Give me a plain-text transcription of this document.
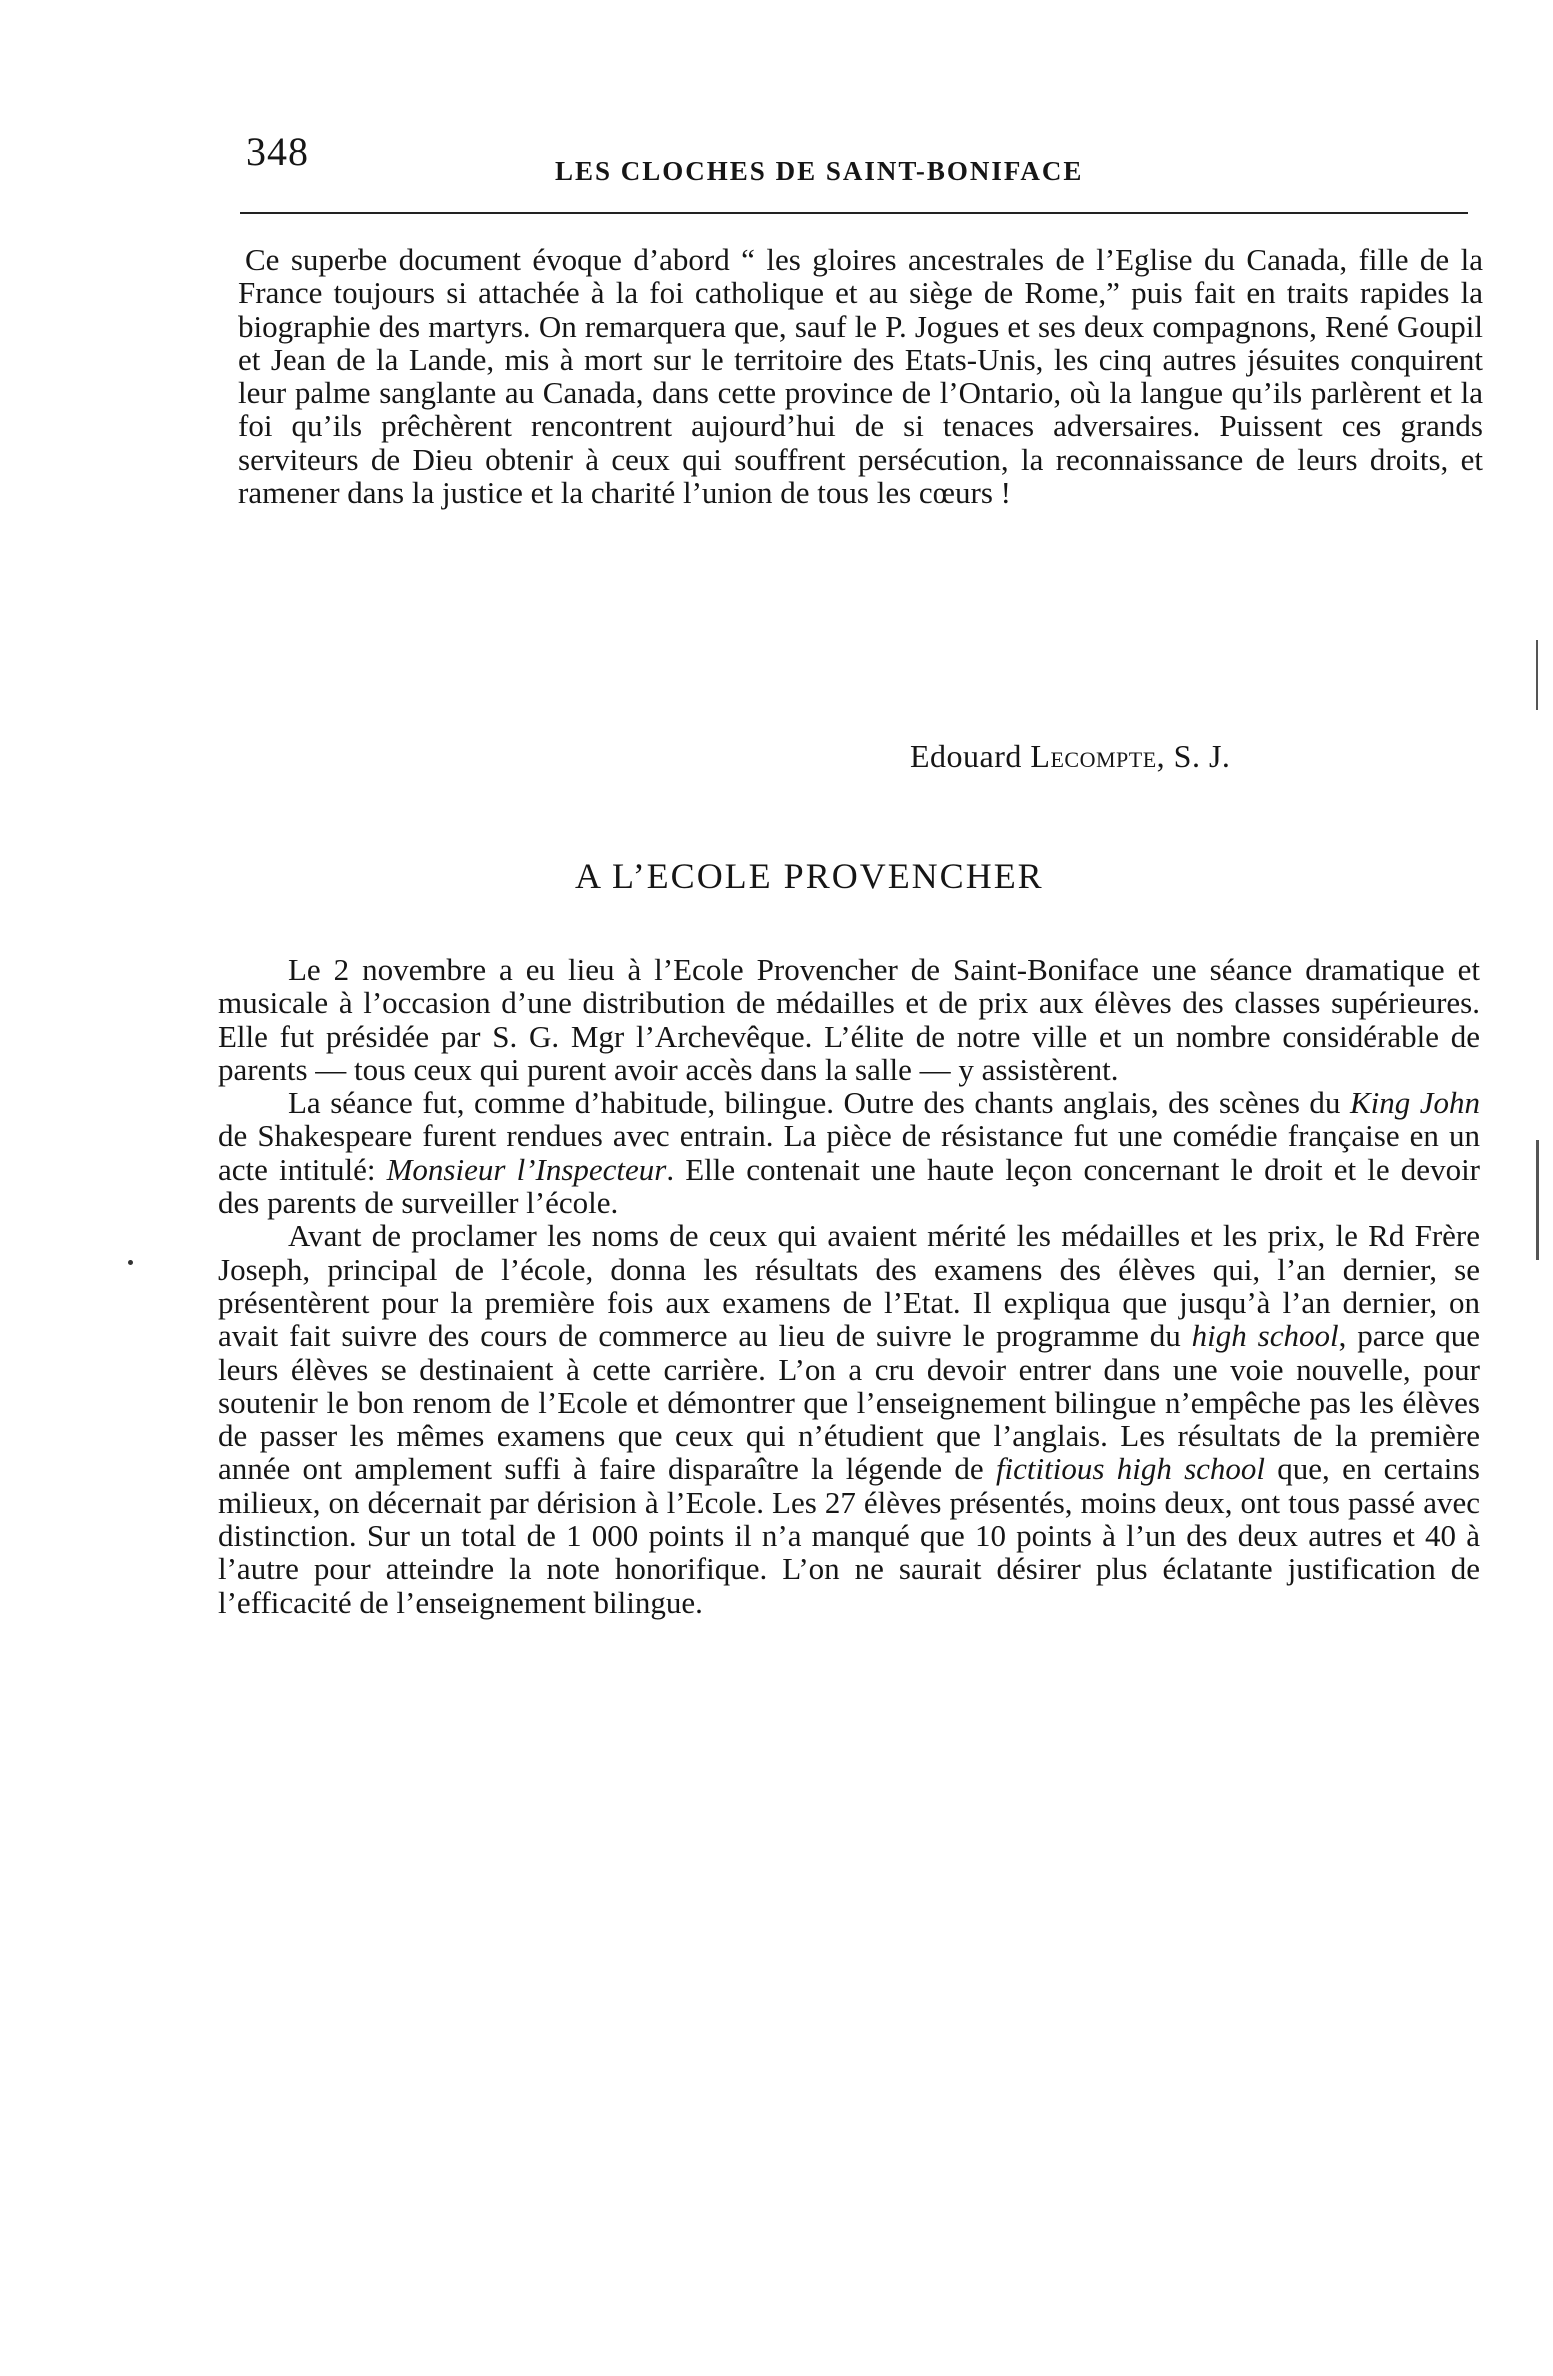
348	LES CLOCHES DE SAINT-BONIFACE

Ce superbe document évoque d’abord “ les gloires ancestrales de l’Eglise du Canada, fille de la France toujours si attachée à la foi catholique et au siège de Rome,” puis fait en traits rapides la biographie des martyrs. On remarquera que, sauf le P. Jogues et ses deux compagnons, René Goupil et Jean de la Lande, mis à mort sur le territoire des Etats-Unis, les cinq autres jésuites conquirent leur palme sanglante au Canada, dans cette province de l’Ontario, où la langue qu’ils parlèrent et la foi qu’ils prêchèrent rencontrent aujourd’hui de si tenaces adversaires. Puissent ces grands serviteurs de Dieu obtenir à ceux qui souffrent persécution, la reconnaissance de leurs droits, et ramener dans la justice et la charité l’union de tous les cœurs !

Edouard Lecompte, S. J.
A L’ECOLE PROVENCHER

Le 2 novembre a eu lieu à l’Ecole Provencher de Saint-Boniface une séance dramatique et musicale à l’occasion d’une distribution de médailles et de prix aux élèves des classes supérieures. Elle fut présidée par S. G. Mgr l’Archevêque. L’élite de notre ville et un nombre considérable de parents — tous ceux qui purent avoir accès dans la salle — y assistèrent.

La séance fut, comme d’habitude, bilingue. Outre des chants anglais, des scènes du King John de Shakespeare furent rendues avec entrain. La pièce de résistance fut une comédie française en un acte intitulé: Monsieur l’Inspecteur. Elle contenait une haute leçon concernant le droit et le devoir des parents de surveiller l’école.

Avant de proclamer les noms de ceux qui avaient mérité les médailles et les prix, le Rd Frère Joseph, principal de l’école, donna les résultats des examens des élèves qui, l’an dernier, se présentèrent pour la première fois aux examens de l’Etat. Il expliqua que jusqu’à l’an dernier, on avait fait suivre des cours de commerce au lieu de suivre le programme du high school, parce que leurs élèves se destinaient à cette carrière. L’on a cru devoir entrer dans une voie nouvelle, pour soutenir le bon renom de l’Ecole et démontrer que l’enseignement bilingue n’empêche pas les élèves de passer les mêmes examens que ceux qui n’étudient que l’anglais. Les résultats de la première année ont amplement suffi à faire disparaître la légende de fictitious high school que, en certains milieux, on décernait par dérision à l’Ecole. Les 27 élèves présentés, moins deux, ont tous passé avec distinction. Sur un total de 1 000 points il n’a manqué que 10 points à l’un des deux autres et 40 à l’autre pour atteindre la note honorifique. L’on ne saurait désirer plus éclatante justification de l’efficacité de l’enseignement bilingue.
